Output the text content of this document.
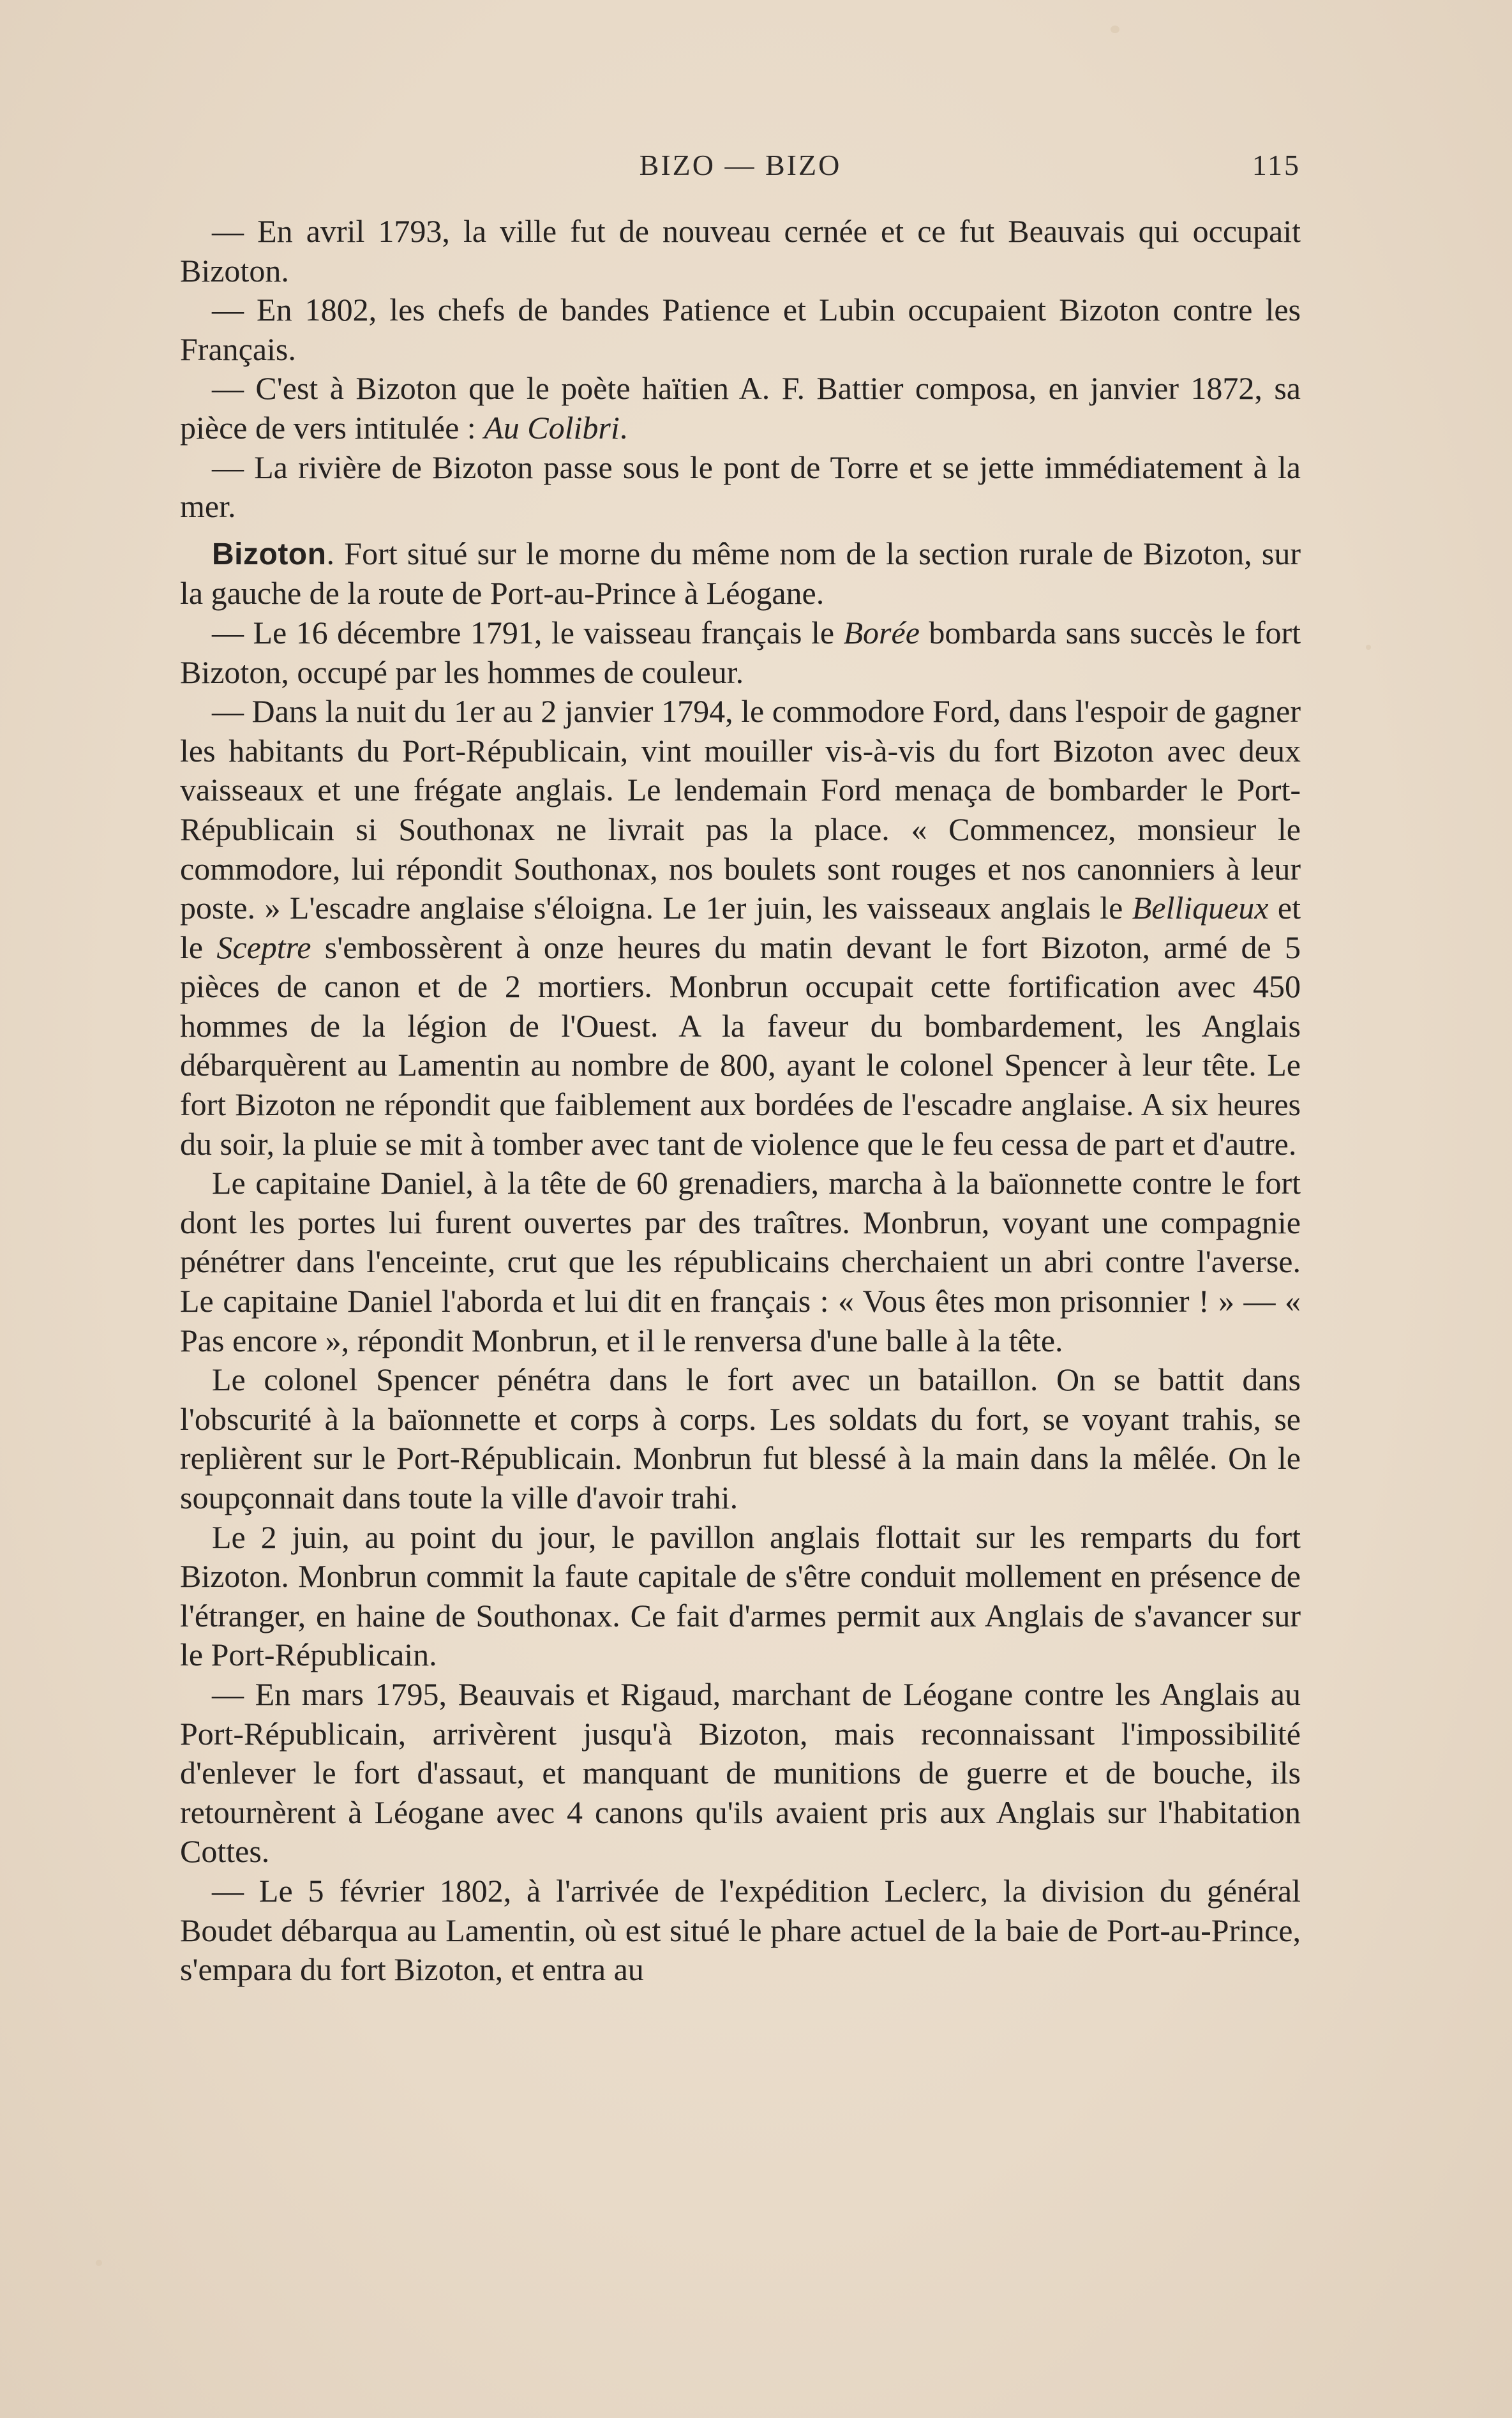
BIZO — BIZO	115

— En avril 1793, la ville fut de nouveau cernée et ce fut Beauvais qui occupait Bizoton.

— En 1802, les chefs de bandes Patience et Lubin occupaient Bizoton contre les Français.

— C'est à Bizoton que le poète haïtien A. F. Battier composa, en janvier 1872, sa pièce de vers intitulée : Au Colibri.

— La rivière de Bizoton passe sous le pont de Torre et se jette immédiatement à la mer.

Bizoton. Fort situé sur le morne du même nom de la section rurale de Bizoton, sur la gauche de la route de Port-au-Prince à Léogane.

— Le 16 décembre 1791, le vaisseau français le Borée bombarda sans succès le fort Bizoton, occupé par les hommes de couleur.

— Dans la nuit du 1er au 2 janvier 1794, le commodore Ford, dans l'espoir de gagner les habitants du Port-Républicain, vint mouiller vis-à-vis du fort Bizoton avec deux vaisseaux et une frégate anglais. Le lendemain Ford menaça de bombarder le Port-Républicain si Southonax ne livrait pas la place. « Commencez, monsieur le commodore, lui répondit Southonax, nos boulets sont rouges et nos canonniers à leur poste. » L'escadre anglaise s'éloigna. Le 1er juin, les vaisseaux anglais le Belliqueux et le Sceptre s'embossèrent à onze heures du matin devant le fort Bizoton, armé de 5 pièces de canon et de 2 mortiers. Monbrun occupait cette fortification avec 450 hommes de la légion de l'Ouest. A la faveur du bombardement, les Anglais débarquèrent au Lamentin au nombre de 800, ayant le colonel Spencer à leur tête. Le fort Bizoton ne répondit que faiblement aux bordées de l'escadre anglaise. A six heures du soir, la pluie se mit à tomber avec tant de violence que le feu cessa de part et d'autre.

Le capitaine Daniel, à la tête de 60 grenadiers, marcha à la baïonnette contre le fort dont les portes lui furent ouvertes par des traîtres. Monbrun, voyant une compagnie pénétrer dans l'enceinte, crut que les républicains cherchaient un abri contre l'averse. Le capitaine Daniel l'aborda et lui dit en français : « Vous êtes mon prisonnier ! » — « Pas encore », répondit Monbrun, et il le renversa d'une balle à la tête.

Le colonel Spencer pénétra dans le fort avec un bataillon. On se battit dans l'obscurité à la baïonnette et corps à corps. Les soldats du fort, se voyant trahis, se replièrent sur le Port-Républicain. Monbrun fut blessé à la main dans la mêlée. On le soupçonnait dans toute la ville d'avoir trahi.

Le 2 juin, au point du jour, le pavillon anglais flottait sur les remparts du fort Bizoton. Monbrun commit la faute capitale de s'être conduit mollement en présence de l'étranger, en haine de Southonax. Ce fait d'armes permit aux Anglais de s'avancer sur le Port-Républicain.

— En mars 1795, Beauvais et Rigaud, marchant de Léogane contre les Anglais au Port-Républicain, arrivèrent jusqu'à Bizoton, mais reconnaissant l'impossibilité d'enlever le fort d'assaut, et manquant de munitions de guerre et de bouche, ils retournèrent à Léogane avec 4 canons qu'ils avaient pris aux Anglais sur l'habitation Cottes.

— Le 5 février 1802, à l'arrivée de l'expédition Leclerc, la division du général Boudet débarqua au Lamentin, où est situé le phare actuel de la baie de Port-au-Prince, s'empara du fort Bizoton, et entra au
